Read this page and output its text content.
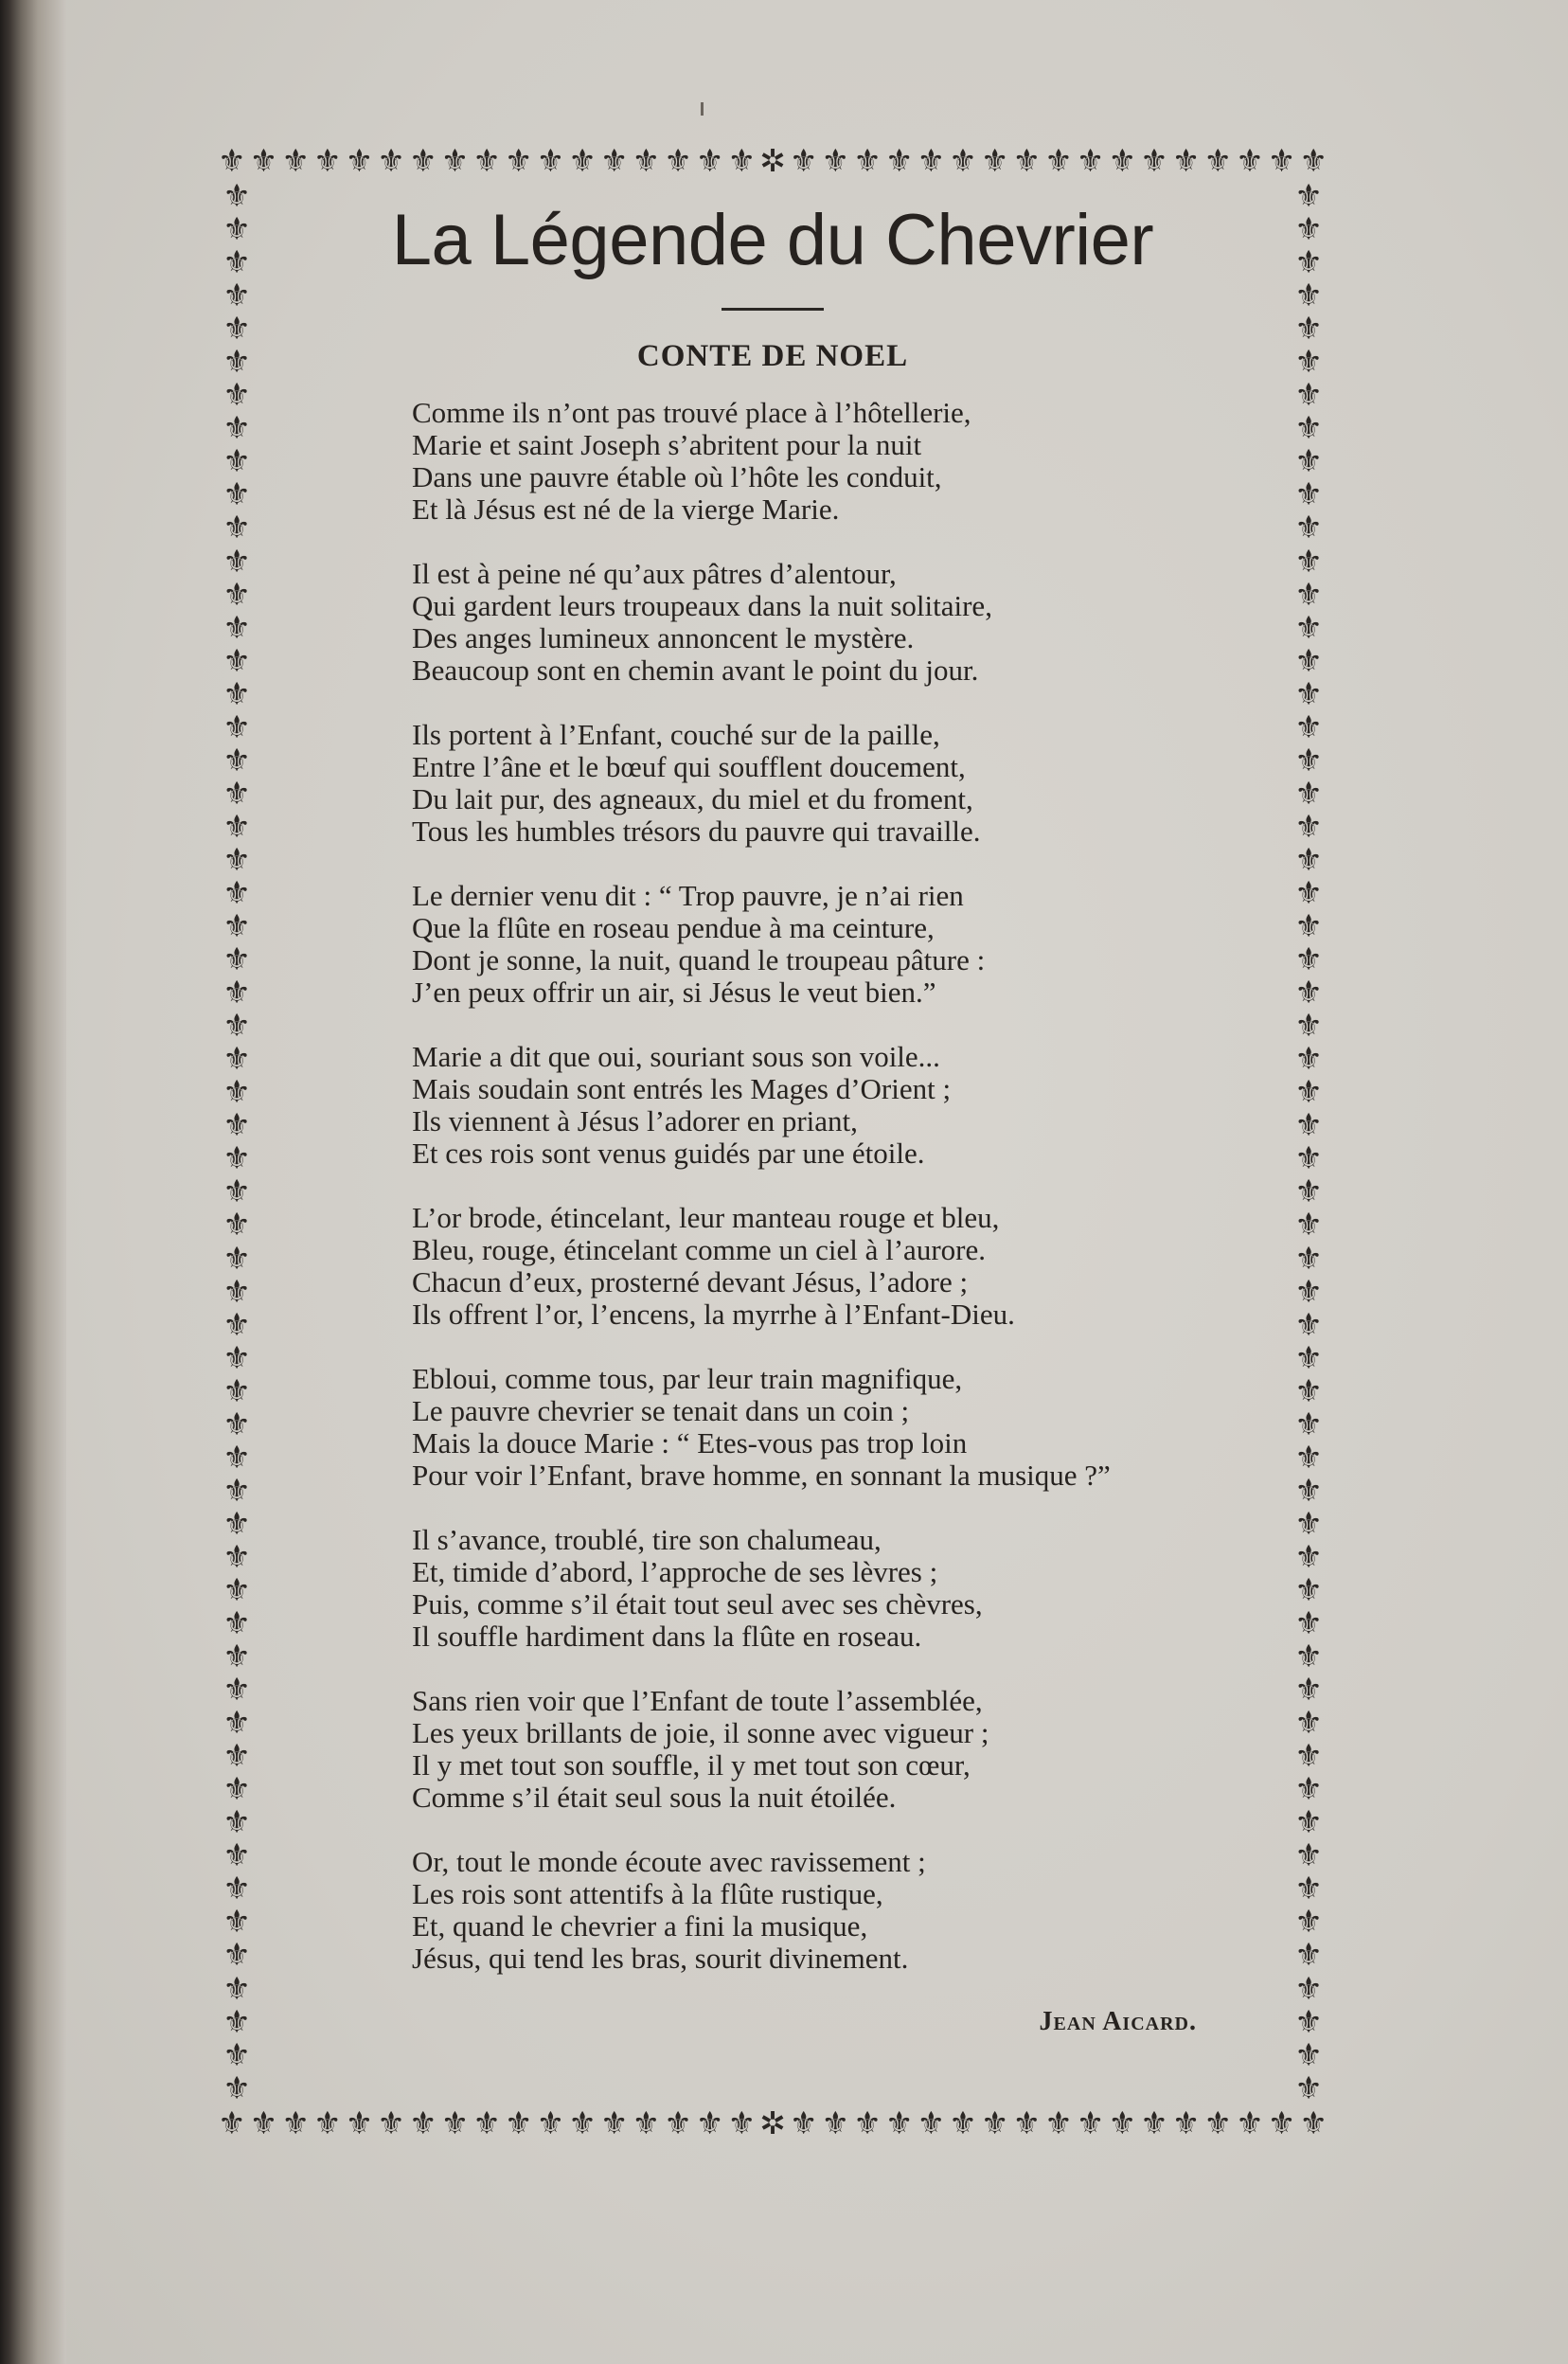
⚜ ⚜ ⚜ ⚜ ⚜ ⚜ ⚜ ⚜ ⚜ ⚜ ⚜ ⚜ ⚜ ⚜ ⚜ ⚜ ⚜ ✲ ⚜ ⚜ ⚜ ⚜ ⚜ ⚜ ⚜ ⚜ ⚜ ⚜ ⚜ ⚜ ⚜ ⚜ ⚜ ⚜ ⚜
⚜
⚜
⚜
⚜
⚜
⚜
⚜
⚜
⚜
⚜
⚜
⚜
⚜
⚜
⚜
⚜
⚜
⚜
⚜
⚜
⚜
⚜
⚜
⚜
⚜
⚜
⚜
⚜
⚜
⚜
⚜
⚜
⚜
⚜
⚜
⚜
⚜
⚜
⚜
⚜
⚜
⚜
⚜
⚜
⚜
⚜
⚜
⚜
⚜
⚜
⚜
⚜
⚜
⚜
⚜
⚜
⚜
⚜
⚜
⚜
⚜
⚜
⚜
⚜
⚜
⚜
⚜
⚜
⚜
⚜
⚜
⚜
⚜
⚜
⚜
⚜
⚜
⚜
⚜
⚜
⚜
⚜
⚜
⚜
⚜
⚜
⚜
⚜
⚜
⚜
⚜
⚜
⚜
⚜
⚜
⚜
⚜
⚜
⚜
⚜
⚜
⚜
⚜
⚜
⚜
⚜
⚜
⚜
⚜
⚜
⚜
⚜
⚜
⚜
⚜
⚜
⚜ ⚜ ⚜ ⚜ ⚜ ⚜ ⚜ ⚜ ⚜ ⚜ ⚜ ⚜ ⚜ ⚜ ⚜ ⚜ ⚜ ✲ ⚜ ⚜ ⚜ ⚜ ⚜ ⚜ ⚜ ⚜ ⚜ ⚜ ⚜ ⚜ ⚜ ⚜ ⚜ ⚜ ⚜
La Légende du Chevrier
CONTE DE NOEL
Comme ils n’ont pas trouvé place à l’hôtellerie,
Marie et saint Joseph s’abritent pour la nuit
Dans une pauvre étable où l’hôte les conduit,
Et là Jésus est né de la vierge Marie.
Il est à peine né qu’aux pâtres d’alentour,
Qui gardent leurs troupeaux dans la nuit solitaire,
Des anges lumineux annoncent le mystère.
Beaucoup sont en chemin avant le point du jour.
Ils portent à l’Enfant, couché sur de la paille,
Entre l’âne et le bœuf qui soufflent doucement,
Du lait pur, des agneaux, du miel et du froment,
Tous les humbles trésors du pauvre qui travaille.
Le dernier venu dit : “ Trop pauvre, je n’ai rien
Que la flûte en roseau pendue à ma ceinture,
Dont je sonne, la nuit, quand le troupeau pâture :
J’en peux offrir un air, si Jésus le veut bien.”
Marie a dit que oui, souriant sous son voile...
Mais soudain sont entrés les Mages d’Orient ;
Ils viennent à Jésus l’adorer en priant,
Et ces rois sont venus guidés par une étoile.
L’or brode, étincelant, leur manteau rouge et bleu,
Bleu, rouge, étincelant comme un ciel à l’aurore.
Chacun d’eux, prosterné devant Jésus, l’adore ;
Ils offrent l’or, l’encens, la myrrhe à l’Enfant-Dieu.
Ebloui, comme tous, par leur train magnifique,
Le pauvre chevrier se tenait dans un coin ;
Mais la douce Marie : “ Etes-vous pas trop loin
Pour voir l’Enfant, brave homme, en sonnant la musique ?”
Il s’avance, troublé, tire son chalumeau,
Et, timide d’abord, l’approche de ses lèvres ;
Puis, comme s’il était tout seul avec ses chèvres,
Il souffle hardiment dans la flûte en roseau.
Sans rien voir que l’Enfant de toute l’assemblée,
Les yeux brillants de joie, il sonne avec vigueur ;
Il y met tout son souffle, il y met tout son cœur,
Comme s’il était seul sous la nuit étoilée.
Or, tout le monde écoute avec ravissement ;
Les rois sont attentifs à la flûte rustique,
Et, quand le chevrier a fini la musique,
Jésus, qui tend les bras, sourit divinement.
Jean Aicard.
